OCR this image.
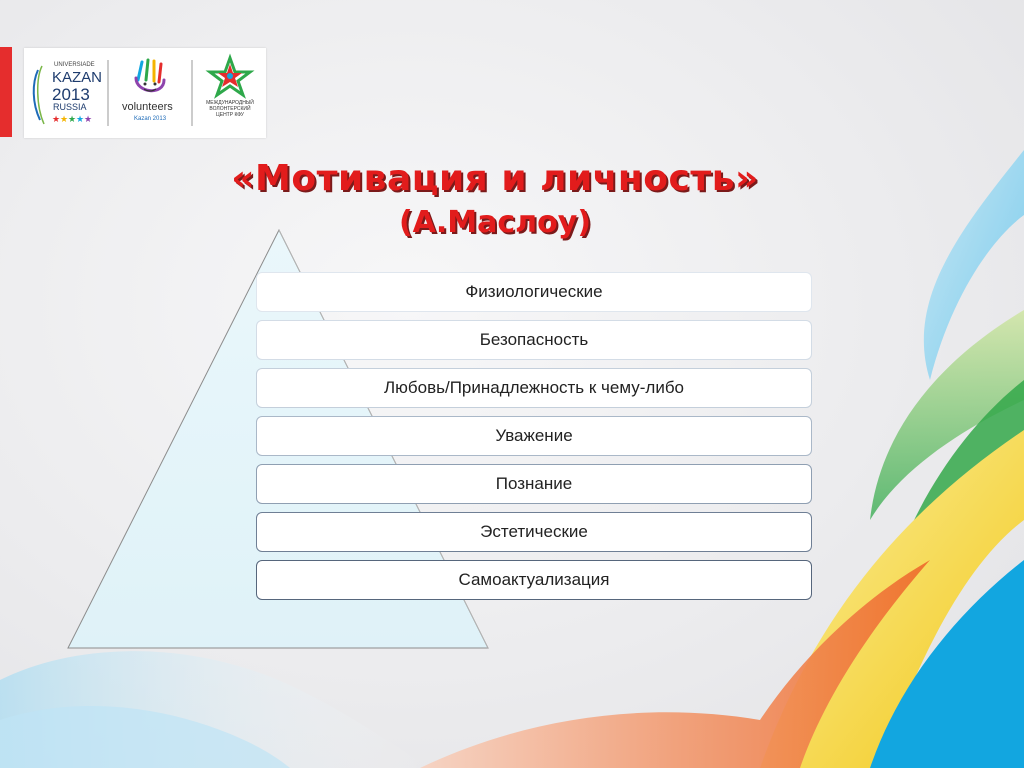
UNIVERSIADE
KAZAN
2013
RUSSIA
★ ★ ★ ★ ★
volunteers
Kazan 2013
МЕЖДУНАРОДНЫЙ
ВОЛОНТЕРСКИЙ
ЦЕНТР КФУ
«Мотивация и личность»
(А.Маслоу)
Физиологические
Безопасность
Любовь/Принадлежность к чему-либо
Уважение
Познание
Эстетические
Самоактуализация
